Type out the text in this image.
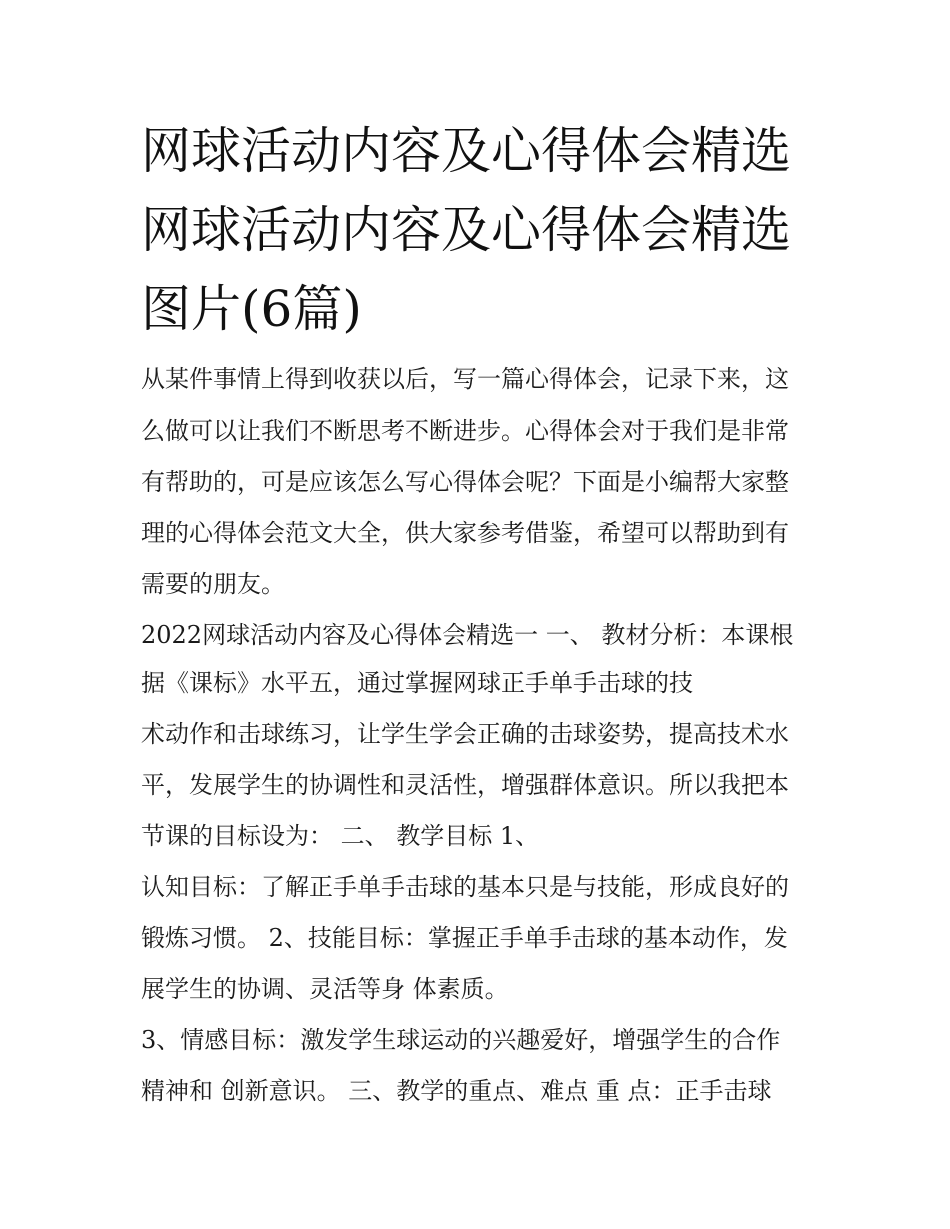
网球活动内容及心得体会精选
网球活动内容及心得体会精选
图片(6篇)
从某件事情上得到收获以后，写一篇心得体会，记录下来，这
么做可以让我们不断思考不断进步。心得体会对于我们是非常
有帮助的，可是应该怎么写心得体会呢？下面是小编帮大家整
理的心得体会范文大全，供大家参考借鉴，希望可以帮助到有
需要的朋友。
2022网球活动内容及心得体会精选一 一、 教材分析：本课根
据《课标》水平五，通过掌握网球正手单手击球的技
术动作和击球练习，让学生学会正确的击球姿势，提高技术水
平，发展学生的协调性和灵活性，增强群体意识。所以我把本
节课的目标设为： 二、 教学目标 1、
认知目标：了解正手单手击球的基本只是与技能，形成良好的
锻炼习惯。 2、技能目标：掌握正手单手击球的基本动作，发
展学生的协调、灵活等身 体素质。
3、情感目标：激发学生球运动的兴趣爱好，增强学生的合作
精神和 创新意识。 三、教学的重点、难点 重 点：正手击球
